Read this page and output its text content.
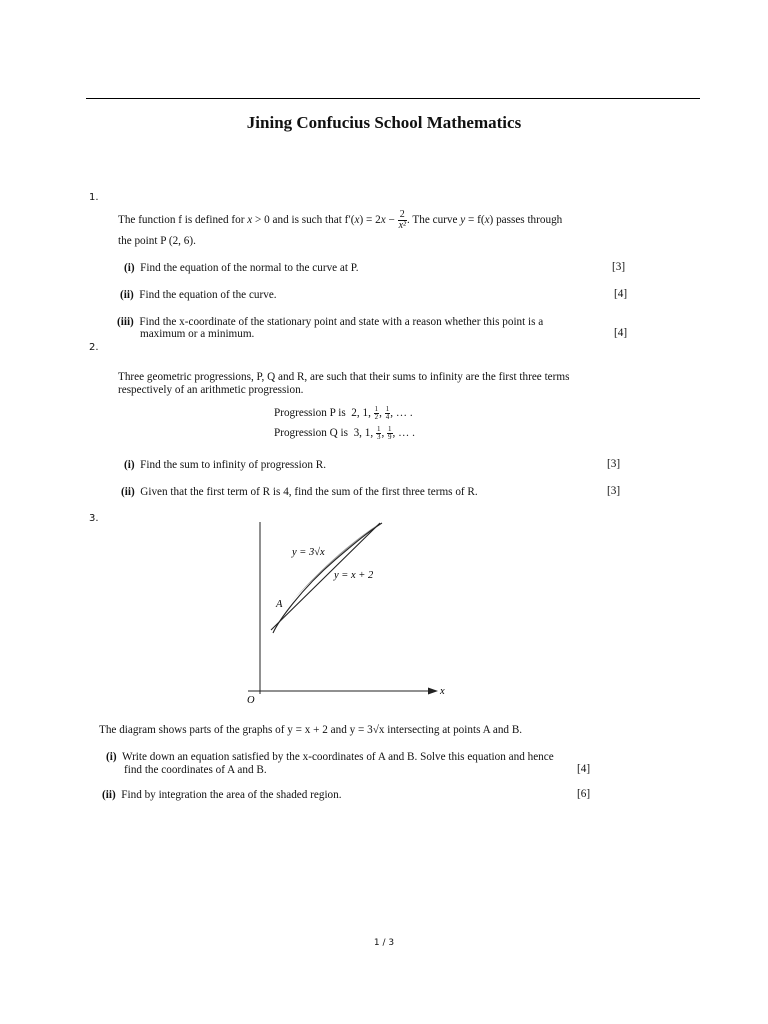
Jining Confucius School Mathematics
1.
The function f is defined for x > 0 and is such that $f'(x) = 2x - \frac{2}{\text{x²}}$ . The curve y = f(x) passes through
the point P (2, 6).
(i) Find the equation of the normal to the curve at P.	[3]
(ii) Find the equation of the curve.	[4]
(iii) Find the x-coordinate of the stationary point and state with a reason whether this point is a
maximum or a minimum.	[4]
2.
Three geometric progressions, P, Q and R, are such that their sums to infinity are the first three terms
respectively of an arithmetic progression.
Progression P is 2, 1, $\frac{1}{2}$ , $\frac{1}{4}$ , … .
Progression Q is 3, 1, $\frac{1}{3}$ , $\frac{1}{9}$ , … .
(i) Find the sum to infinity of progression R.	[3]
(ii) Given that the first term of R is 4, find the sum of the first three terms of R.	[3]
3.
y = 3√x
y = x + 2
A
O
x
The diagram shows parts of the graphs of y = x + 2 and y = 3√x intersecting at points A and B.
(i) Write down an equation satisfied by the x-coordinates of A and B. Solve this equation and hence
find the coordinates of A and B.	[4]
(ii) Find by integration the area of the shaded region.	[6]
1 / 3
